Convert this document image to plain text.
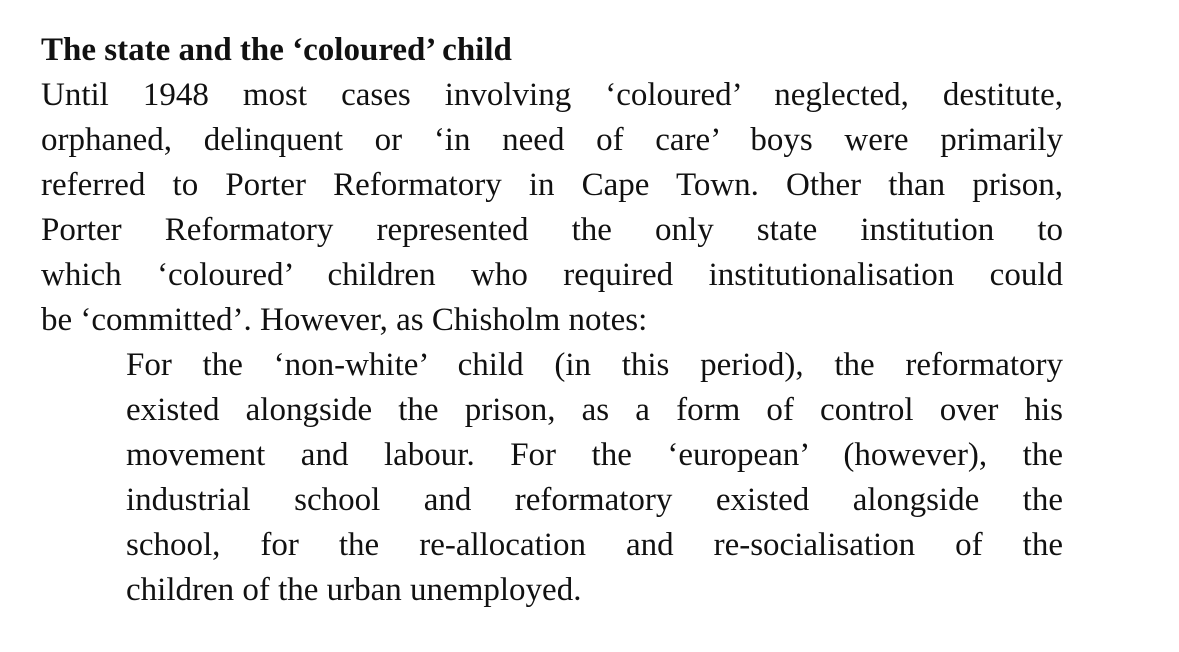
The state and the ‘coloured’ child

Until 1948 most cases involving ‘coloured’ neglected, destitute,
orphaned, delinquent or ‘in need of care’ boys were primarily
referred to Porter Reformatory in Cape Town. Other than prison,
Porter Reformatory represented the only state institution to
which ‘coloured’ children who required institutionalisation could
be ‘committed’. However, as Chisholm notes:

For the ‘non-white’ child (in this period), the reformatory
existed alongside the prison, as a form of control over his
movement and labour. For the ‘european’ (however), the
industrial school and reformatory existed alongside the
school, for the re-allocation and re-socialisation of the
children of the urban unemployed.
